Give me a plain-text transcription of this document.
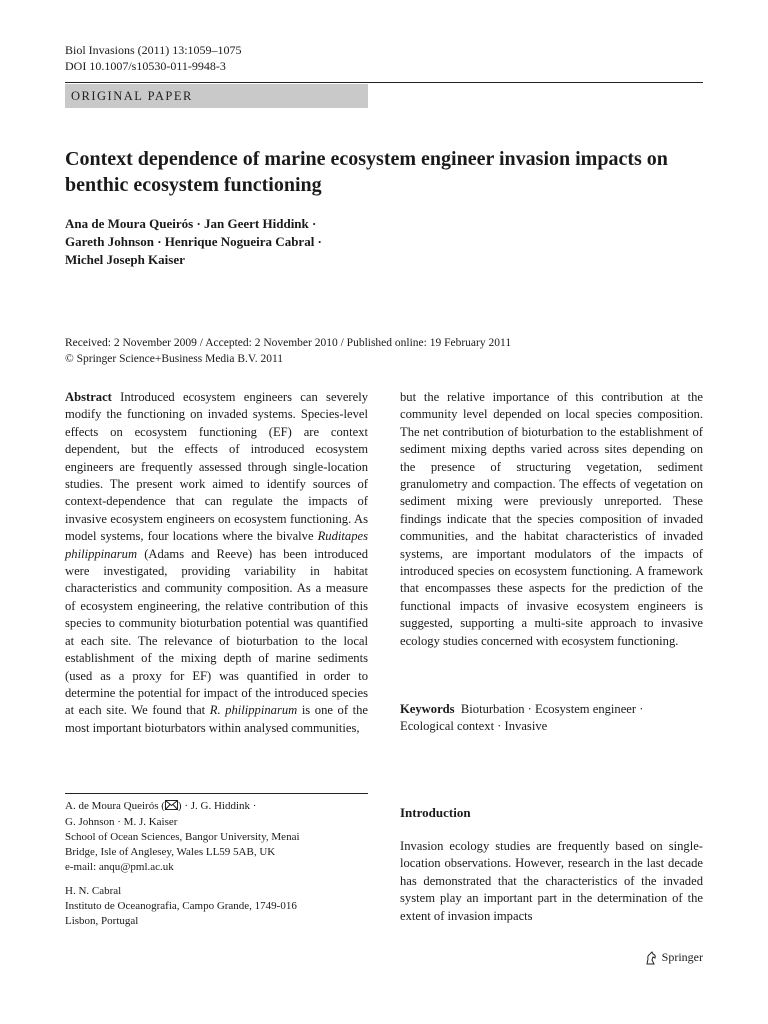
Biol Invasions (2011) 13:1059–1075
DOI 10.1007/s10530-011-9948-3
ORIGINAL PAPER
Context dependence of marine ecosystem engineer invasion impacts on benthic ecosystem functioning
Ana de Moura Queirós · Jan Geert Hiddink ·
Gareth Johnson · Henrique Nogueira Cabral ·
Michel Joseph Kaiser
Received: 2 November 2009 / Accepted: 2 November 2010 / Published online: 19 February 2011
© Springer Science+Business Media B.V. 2011
Abstract Introduced ecosystem engineers can severely modify the functioning on invaded systems. Species-level effects on ecosystem functioning (EF) are context dependent, but the effects of introduced ecosystem engineers are frequently assessed through single-location studies. The present work aimed to identify sources of context-dependence that can regulate the impacts of invasive ecosystem engineers on ecosystem functioning. As model systems, four locations where the bivalve Ruditapes philippinarum (Adams and Reeve) has been introduced were investigated, providing variability in habitat characteristics and community composition. As a measure of ecosystem engineering, the relative contribution of this species to community bioturbation potential was quantified at each site. The relevance of bioturbation to the local establishment of the mixing depth of marine sediments (used as a proxy for EF) was quantified in order to determine the potential for impact of the introduced species at each site. We found that R. philippinarum is one of the most important bioturbators within analysed communities,
but the relative importance of this contribution at the community level depended on local species composition. The net contribution of bioturbation to the establishment of sediment mixing depths varied across sites depending on the presence of structuring vegetation, sediment granulometry and compaction. The effects of vegetation on sediment mixing were previously unreported. These findings indicate that the species composition of invaded communities, and the habitat characteristics of invaded systems, are important modulators of the impacts of introduced species on ecosystem functioning. A framework that encompasses these aspects for the prediction of the functional impacts of invasive ecosystem engineers is suggested, supporting a multi-site approach to invasive ecology studies concerned with ecosystem functioning.
Keywords Bioturbation · Ecosystem engineer ·
Ecological context · Invasive

A. de Moura Queirós ( ) · J. G. Hiddink ·
G. Johnson · M. J. Kaiser
School of Ocean Sciences, Bangor University, Menai
Bridge, Isle of Anglesey, Wales LL59 5AB, UK
e-mail: anqu@pml.ac.uk

H. N. Cabral
Instituto de Oceanografia, Campo Grande, 1749-016
Lisbon, Portugal

Introduction
Invasion ecology studies are frequently based on single-location observations. However, research in the last decade has demonstrated that the characteristics of the invaded system play an important part in the determination of the extent of invasion impacts
Springer
